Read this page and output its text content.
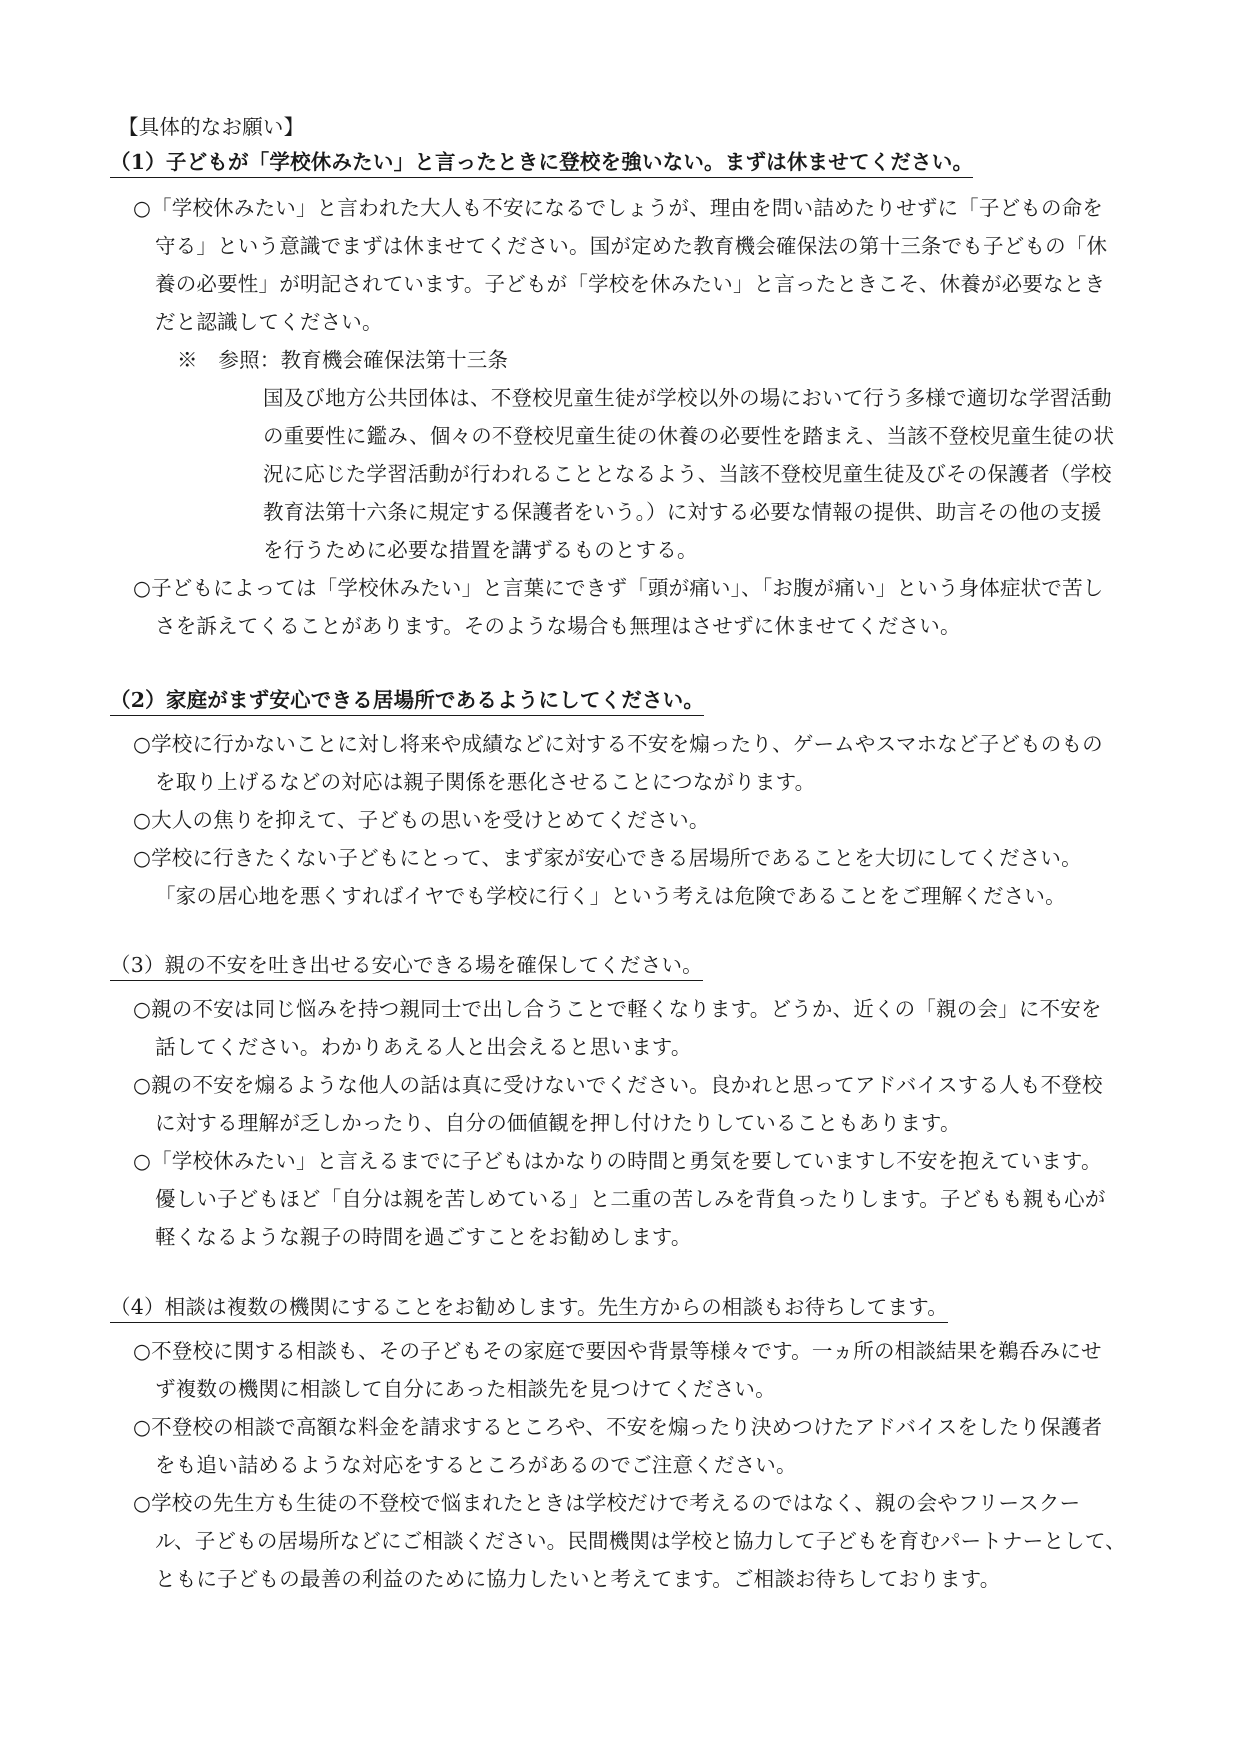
【具体的なお願い】
（1）子どもが「学校休みたい」と言ったときに登校を強いない。まずは休ませてください。
○「学校休みたい」と言われた大人も不安になるでしょうが、理由を問い詰めたりせずに「子どもの命を
守る」という意識でまずは休ませてください。国が定めた教育機会確保法の第十三条でも子どもの「休
養の必要性」が明記されています。子どもが「学校を休みたい」と言ったときこそ、休養が必要なとき
だと認識してください。
※　参照：教育機会確保法第十三条
国及び地方公共団体は、不登校児童生徒が学校以外の場において行う多様で適切な学習活動
の重要性に鑑み、個々の不登校児童生徒の休養の必要性を踏まえ、当該不登校児童生徒の状
況に応じた学習活動が行われることとなるよう、当該不登校児童生徒及びその保護者（学校
教育法第十六条に規定する保護者をいう。）に対する必要な情報の提供、助言その他の支援
を行うために必要な措置を講ずるものとする。
○子どもによっては「学校休みたい」と言葉にできず「頭が痛い」、「お腹が痛い」という身体症状で苦し
さを訴えてくることがあります。そのような場合も無理はさせずに休ませてください。
（2）家庭がまず安心できる居場所であるようにしてください。
○学校に行かないことに対し将来や成績などに対する不安を煽ったり、ゲームやスマホなど子どものもの
を取り上げるなどの対応は親子関係を悪化させることにつながります。
○大人の焦りを抑えて、子どもの思いを受けとめてください。
○学校に行きたくない子どもにとって、まず家が安心できる居場所であることを大切にしてください。
「家の居心地を悪くすればイヤでも学校に行く」という考えは危険であることをご理解ください。
（3）親の不安を吐き出せる安心できる場を確保してください。
○親の不安は同じ悩みを持つ親同士で出し合うことで軽くなります。どうか、近くの「親の会」に不安を
話してください。わかりあえる人と出会えると思います。
○親の不安を煽るような他人の話は真に受けないでください。良かれと思ってアドバイスする人も不登校
に対する理解が乏しかったり、自分の価値観を押し付けたりしていることもあります。
○「学校休みたい」と言えるまでに子どもはかなりの時間と勇気を要していますし不安を抱えています。
優しい子どもほど「自分は親を苦しめている」と二重の苦しみを背負ったりします。子どもも親も心が
軽くなるような親子の時間を過ごすことをお勧めします。
（4）相談は複数の機関にすることをお勧めします。先生方からの相談もお待ちしてます。
○不登校に関する相談も、その子どもその家庭で要因や背景等様々です。一ヵ所の相談結果を鵜呑みにせ
ず複数の機関に相談して自分にあった相談先を見つけてください。
○不登校の相談で高額な料金を請求するところや、不安を煽ったり決めつけたアドバイスをしたり保護者
をも追い詰めるような対応をするところがあるのでご注意ください。
○学校の先生方も生徒の不登校で悩まれたときは学校だけで考えるのではなく、親の会やフリースクー
ル、子どもの居場所などにご相談ください。民間機関は学校と協力して子どもを育むパートナーとして、
ともに子どもの最善の利益のために協力したいと考えてます。ご相談お待ちしております。
